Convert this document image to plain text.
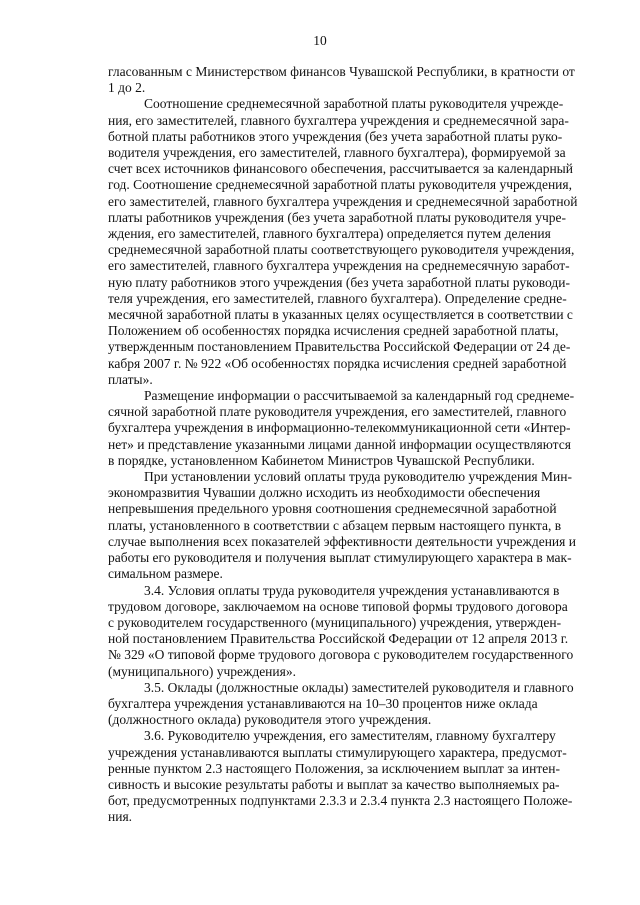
10

гласованным с Министерством финансов Чувашской Республики, в кратности от
1 до 2.

Соотношение среднемесячной заработной платы руководителя учрежде-
ния, его заместителей, главного бухгалтера учреждения и среднемесячной зара-
ботной платы работников этого учреждения (без учета заработной платы руко-
водителя учреждения, его заместителей, главного бухгалтера), формируемой за
счет всех источников финансового обеспечения, рассчитывается за календарный
год. Соотношение среднемесячной заработной платы руководителя учреждения,
его заместителей, главного бухгалтера учреждения и среднемесячной заработной
платы работников учреждения (без учета заработной платы руководителя учре-
ждения, его заместителей, главного бухгалтера) определяется путем деления
среднемесячной заработной платы соответствующего руководителя учреждения,
его заместителей, главного бухгалтера учреждения на среднемесячную заработ-
ную плату работников этого учреждения (без учета заработной платы руководи-
теля учреждения, его заместителей, главного бухгалтера). Определение средне-
месячной заработной платы в указанных целях осуществляется в соответствии с
Положением об особенностях порядка исчисления средней заработной платы,
утвержденным постановлением Правительства Российской Федерации от 24 де-
кабря 2007 г. № 922 «Об особенностях порядка исчисления средней заработной
платы».

Размещение информации о рассчитываемой за календарный год среднеме-
сячной заработной плате руководителя учреждения, его заместителей, главного
бухгалтера учреждения в информационно-телекоммуникационной сети «Интер-
нет» и представление указанными лицами данной информации осуществляются
в порядке, установленном Кабинетом Министров Чувашской Республики.

При установлении условий оплаты труда руководителю учреждения Мин-
экономразвития Чувашии должно исходить из необходимости обеспечения
непревышения предельного уровня соотношения среднемесячной заработной
платы, установленного в соответствии с абзацем первым настоящего пункта, в
случае выполнения всех показателей эффективности деятельности учреждения и
работы его руководителя и получения выплат стимулирующего характера в мак-
симальном размере.

3.4. Условия оплаты труда руководителя учреждения устанавливаются в
трудовом договоре, заключаемом на основе типовой формы трудового договора
с руководителем государственного (муниципального) учреждения, утвержден-
ной постановлением Правительства Российской Федерации от 12 апреля 2013 г.
№ 329 «О типовой форме трудового договора с руководителем государственного
(муниципального) учреждения».

3.5. Оклады (должностные оклады) заместителей руководителя и главного
бухгалтера учреждения устанавливаются на 10–30 процентов ниже оклада
(должностного оклада) руководителя этого учреждения.

3.6. Руководителю учреждения, его заместителям, главному бухгалтеру
учреждения устанавливаются выплаты стимулирующего характера, предусмот-
ренные пунктом 2.3 настоящего Положения, за исключением выплат за интен-
сивность и высокие результаты работы и выплат за качество выполняемых ра-
бот, предусмотренных подпунктами 2.3.3 и 2.3.4 пункта 2.3 настоящего Положе-
ния.
